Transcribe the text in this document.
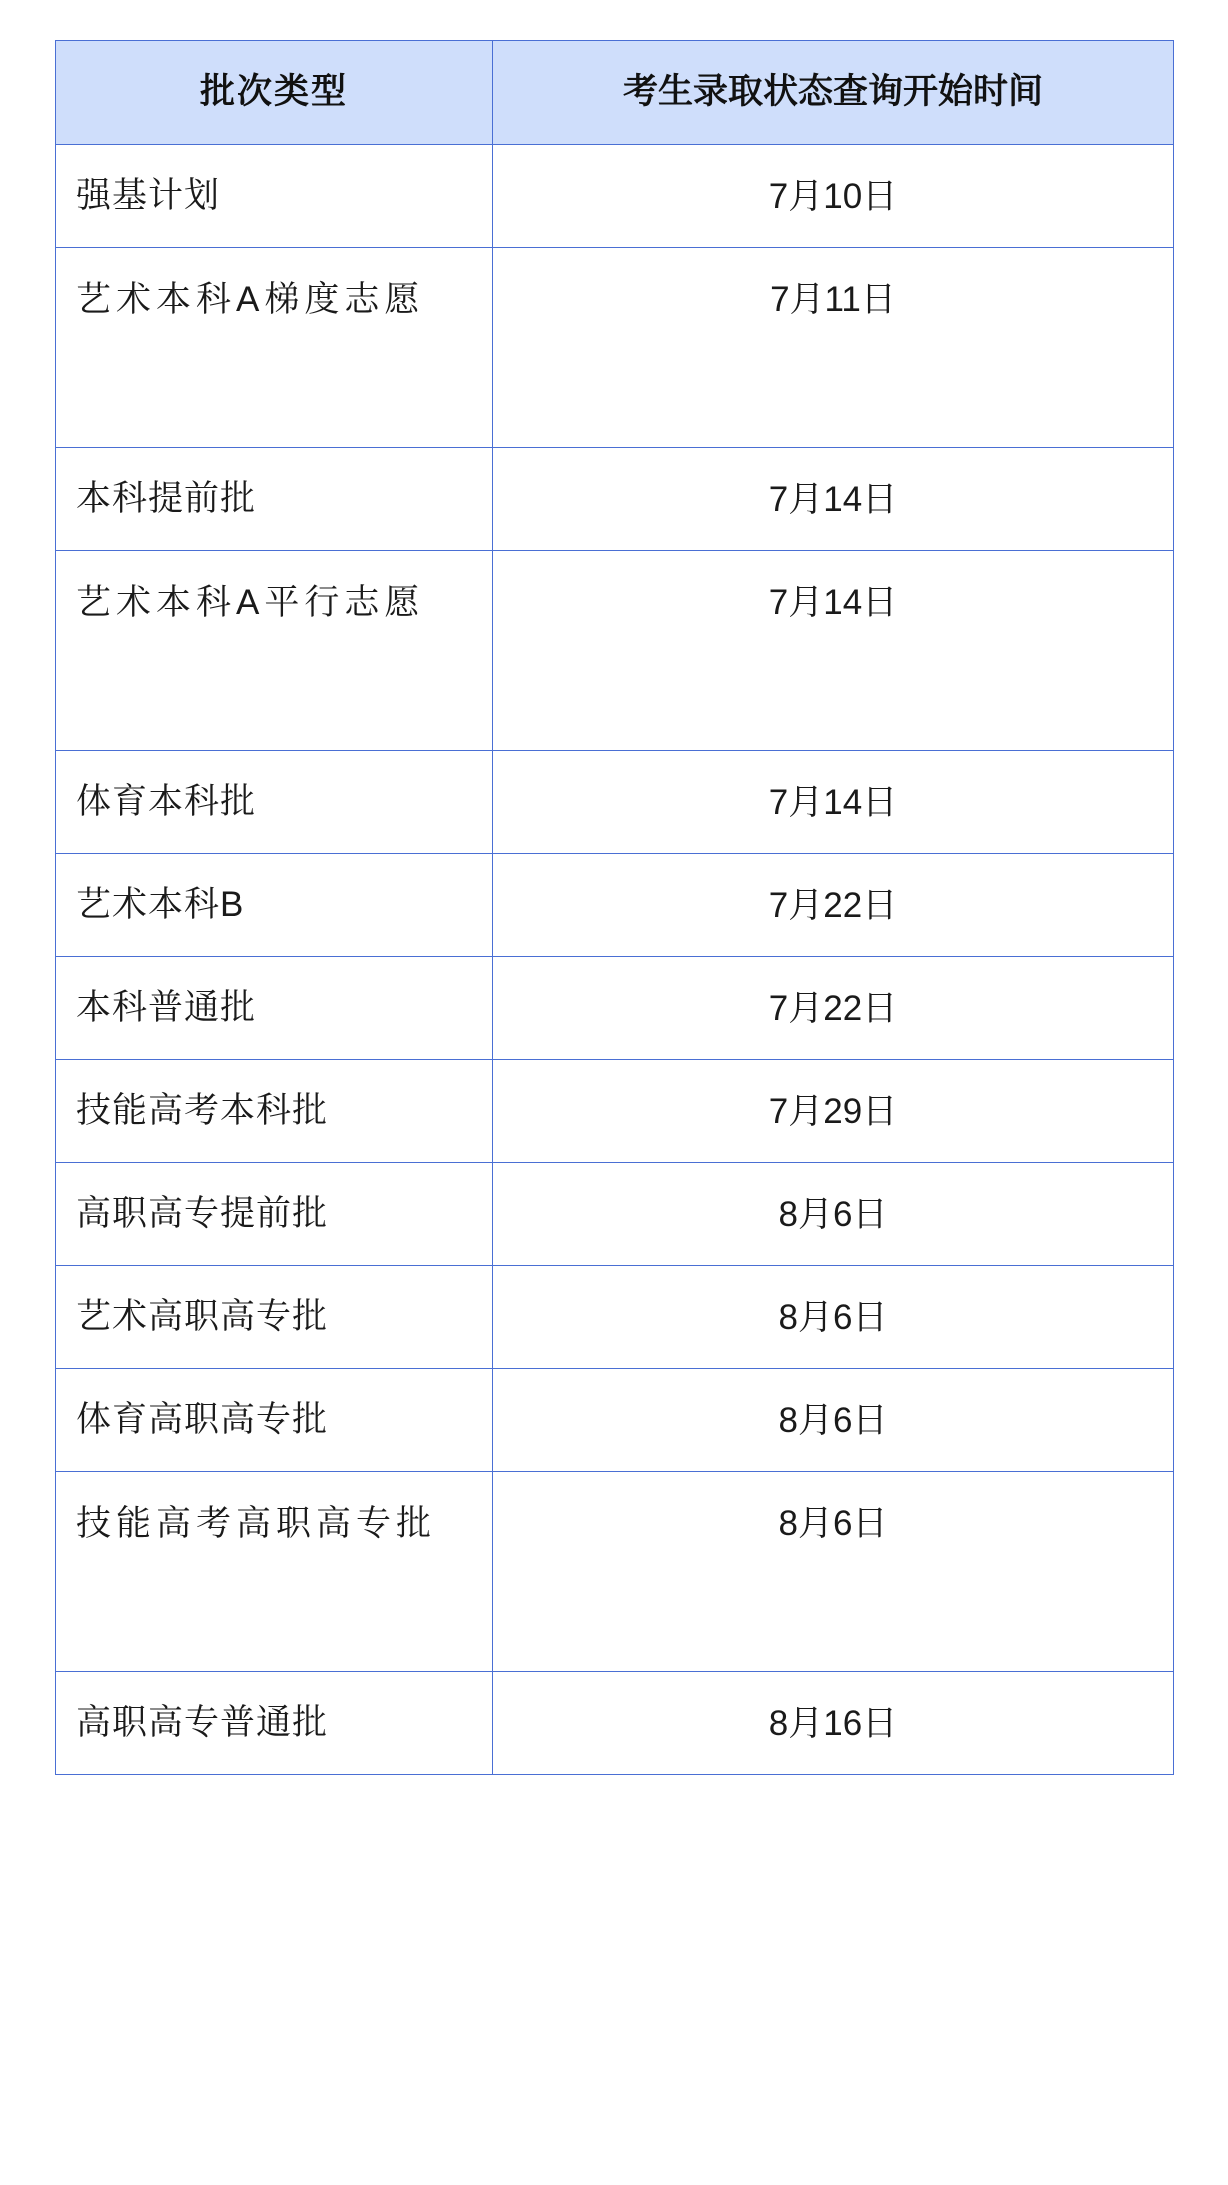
批次类型	考生录取状态查询开始时间
强基计划	7月10日
艺术本科A梯度志愿	7月11日
本科提前批	7月14日
艺术本科A平行志愿	7月14日
体育本科批	7月14日
艺术本科B	7月22日
本科普通批	7月22日
技能高考本科批	7月29日
高职高专提前批	8月6日
艺术高职高专批	8月6日
体育高职高专批	8月6日
技能高考高职高专批	8月6日
高职高专普通批	8月16日
